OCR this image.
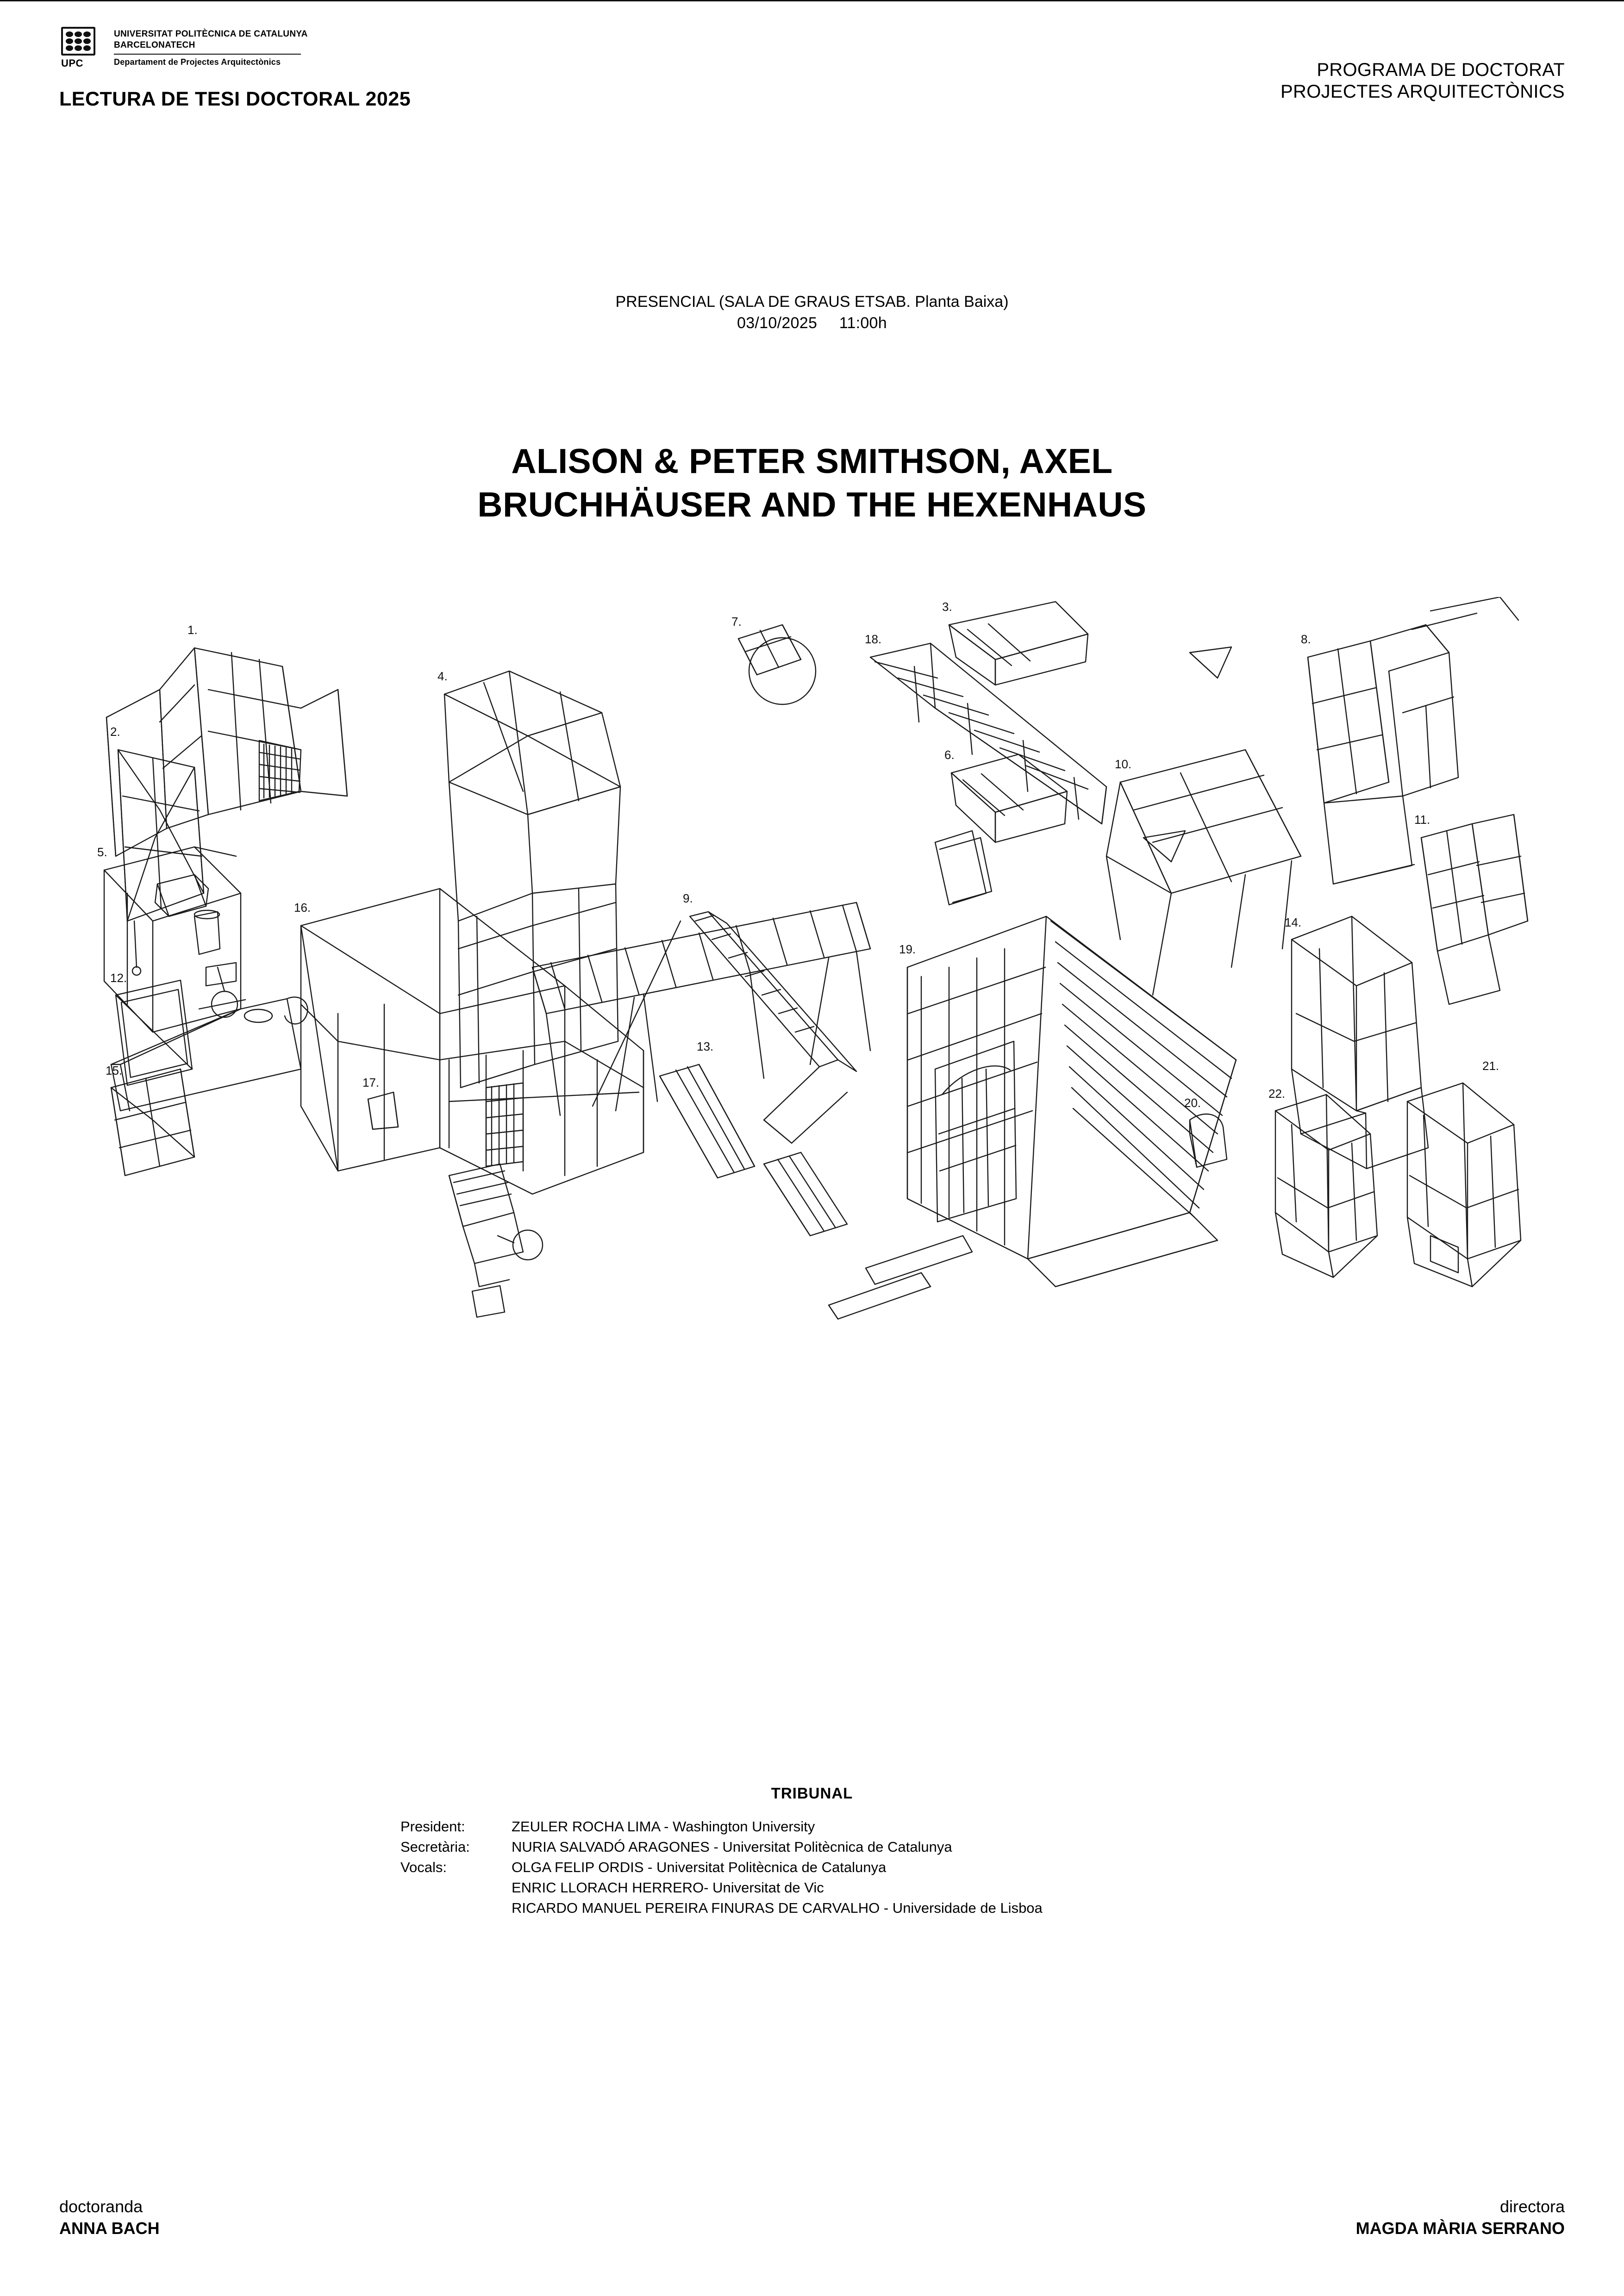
UPC
UNIVERSITAT POLITÈCNICA DE CATALUNYA
BARCELONATECH
Departament de Projectes Arquitectònics
LECTURA DE TESI DOCTORAL 2025
PROGRAMA DE DOCTORAT
PROJECTES ARQUITECTÒNICS
PRESENCIAL (SALA DE GRAUS ETSAB. Planta Baixa)
03/10/2025 11:00h
ALISON & PETER SMITHSON, AXEL
BRUCHHÄUSER AND THE HEXENHAUS
1.
2.
4.
7.
18.
3.
8.
6.
10.
11.
5.
16.
9.
19.
14.
12.
15.
17.
13.
20.
22.
21.
TRIBUNAL
President:	ZEULER ROCHA LIMA - Washington University
Secretària:	NURIA SALVADÓ ARAGONES - Universitat Politècnica de Catalunya
Vocals:	OLGA FELIP ORDIS - Universitat Politècnica de Catalunya
ENRIC LLORACH HERRERO- Universitat de Vic
RICARDO MANUEL PEREIRA FINURAS DE CARVALHO - Universidade de Lisboa
doctoranda
ANNA BACH
directora
MAGDA MÀRIA SERRANO
